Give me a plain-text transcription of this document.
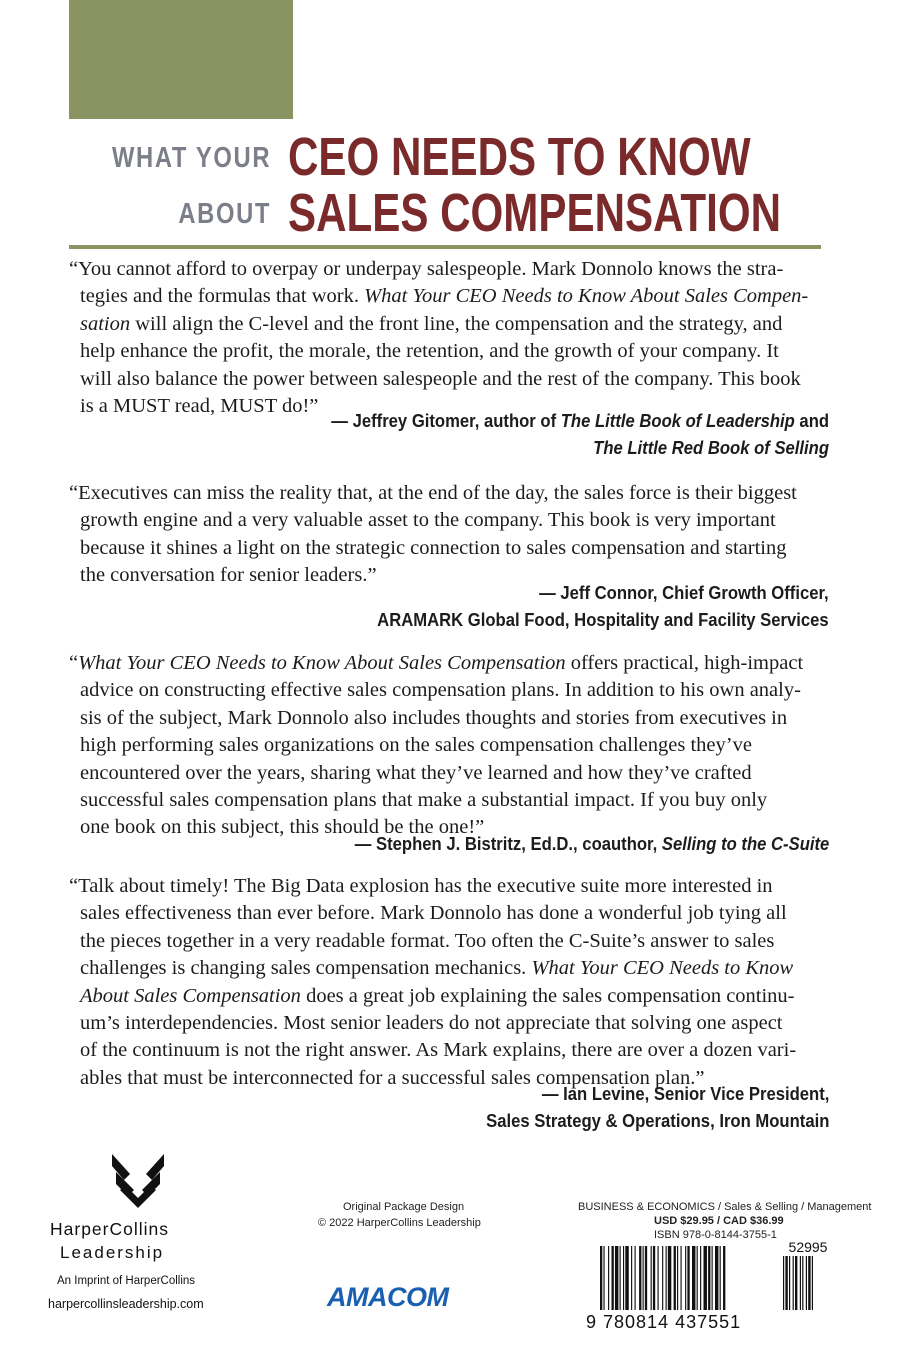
WHAT YOUR CEO NEEDS TO KNOW
ABOUT SALES COMPENSATION
“You cannot afford to overpay or underpay salespeople. Mark Donnolo knows the stra-
tegies and the formulas that work. What Your CEO Needs to Know About Sales Compen-
sation will align the C-level and the front line, the compensation and the strategy, and
help enhance the profit, the morale, the retention, and the growth of your company. It
will also balance the power between salespeople and the rest of the company. This book
is a MUST read, MUST do!”
— Jeffrey Gitomer, author of The Little Book of Leadership and
The Little Red Book of Selling
“Executives can miss the reality that, at the end of the day, the sales force is their biggest
growth engine and a very valuable asset to the company. This book is very important
because it shines a light on the strategic connection to sales compensation and starting
the conversation for senior leaders.”
— Jeff Connor, Chief Growth Officer,
ARAMARK Global Food, Hospitality and Facility Services
“What Your CEO Needs to Know About Sales Compensation offers practical, high-impact
advice on constructing effective sales compensation plans. In addition to his own analy-
sis of the subject, Mark Donnolo also includes thoughts and stories from executives in
high performing sales organizations on the sales compensation challenges they’ve
encountered over the years, sharing what they’ve learned and how they’ve crafted
successful sales compensation plans that make a substantial impact. If you buy only
one book on this subject, this should be the one!”
— Stephen J. Bistritz, Ed.D., coauthor, Selling to the C-Suite
“Talk about timely! The Big Data explosion has the executive suite more interested in
sales effectiveness than ever before. Mark Donnolo has done a wonderful job tying all
the pieces together in a very readable format. Too often the C-Suite’s answer to sales
challenges is changing sales compensation mechanics. What Your CEO Needs to Know
About Sales Compensation does a great job explaining the sales compensation continu-
um’s interdependencies. Most senior leaders do not appreciate that solving one aspect
of the continuum is not the right answer. As Mark explains, there are over a dozen vari-
ables that must be interconnected for a successful sales compensation plan.”
— Ian Levine, Senior Vice President,
Sales Strategy & Operations, Iron Mountain
HarperCollins
Leadership
An Imprint of HarperCollins
harpercollinsleadership.com
Original Package Design
© 2022 HarperCollins Leadership
AMACOM
BUSINESS & ECONOMICS / Sales & Selling / Management
USD $29.95 / CAD $36.99
ISBN 978-0-8144-3755-1
52995
9 780814 437551
